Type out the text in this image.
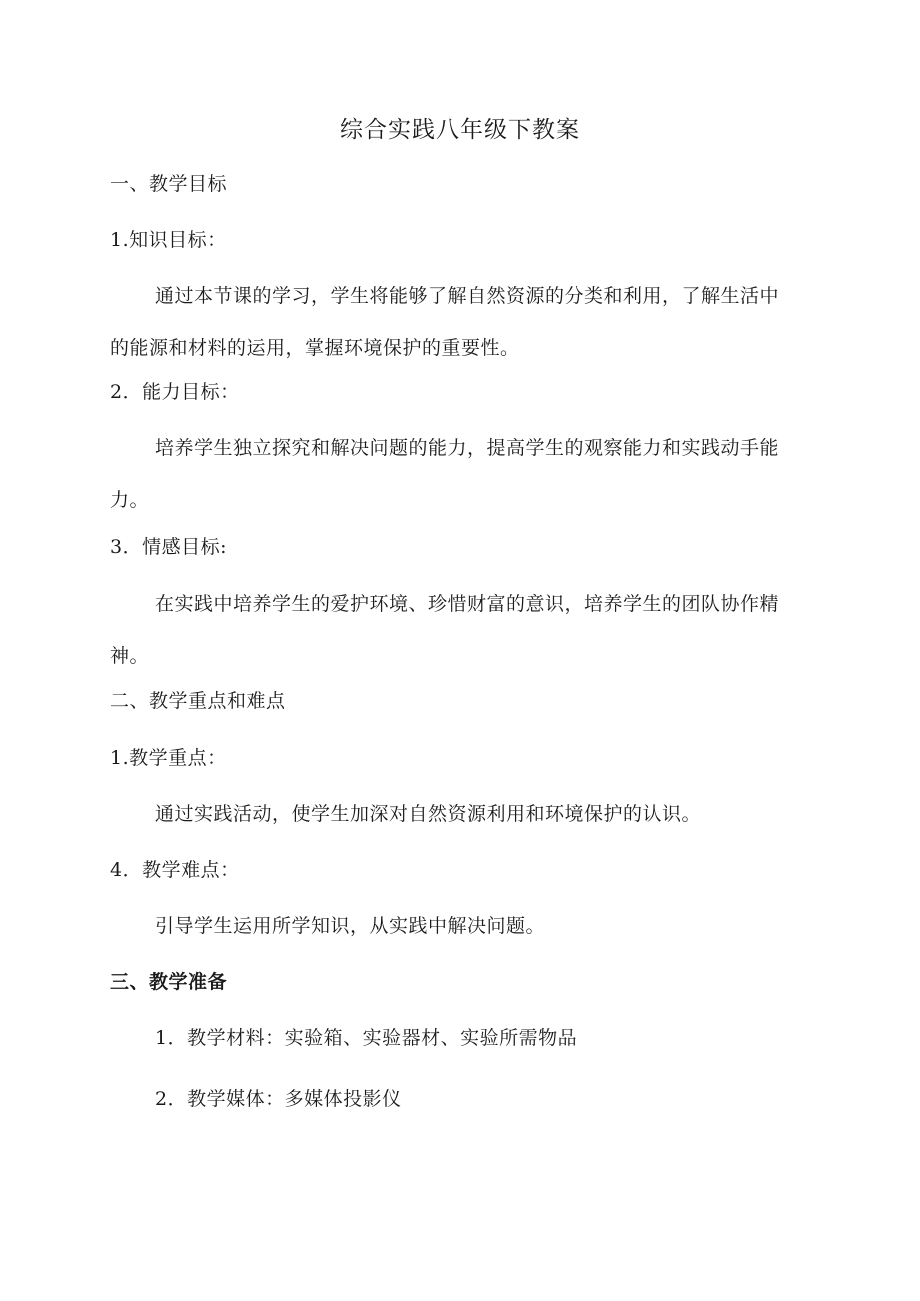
综合实践八年级下教案
一、教学目标
1.知识目标：
通过本节课的学习，学生将能够了解自然资源的分类和利用，了解生活中
的能源和材料的运用，掌握环境保护的重要性。
2．能力目标：
培养学生独立探究和解决问题的能力，提高学生的观察能力和实践动手能
力。
3．情感目标:
在实践中培养学生的爱护环境、珍惜财富的意识，培养学生的团队协作精
神。
二、教学重点和难点
1.教学重点：
通过实践活动，使学生加深对自然资源利用和环境保护的认识。
4．教学难点：
引导学生运用所学知识，从实践中解决问题。
三、教学准备
1．教学材料：实验箱、实验器材、实验所需物品
2．教学媒体：多媒体投影仪
